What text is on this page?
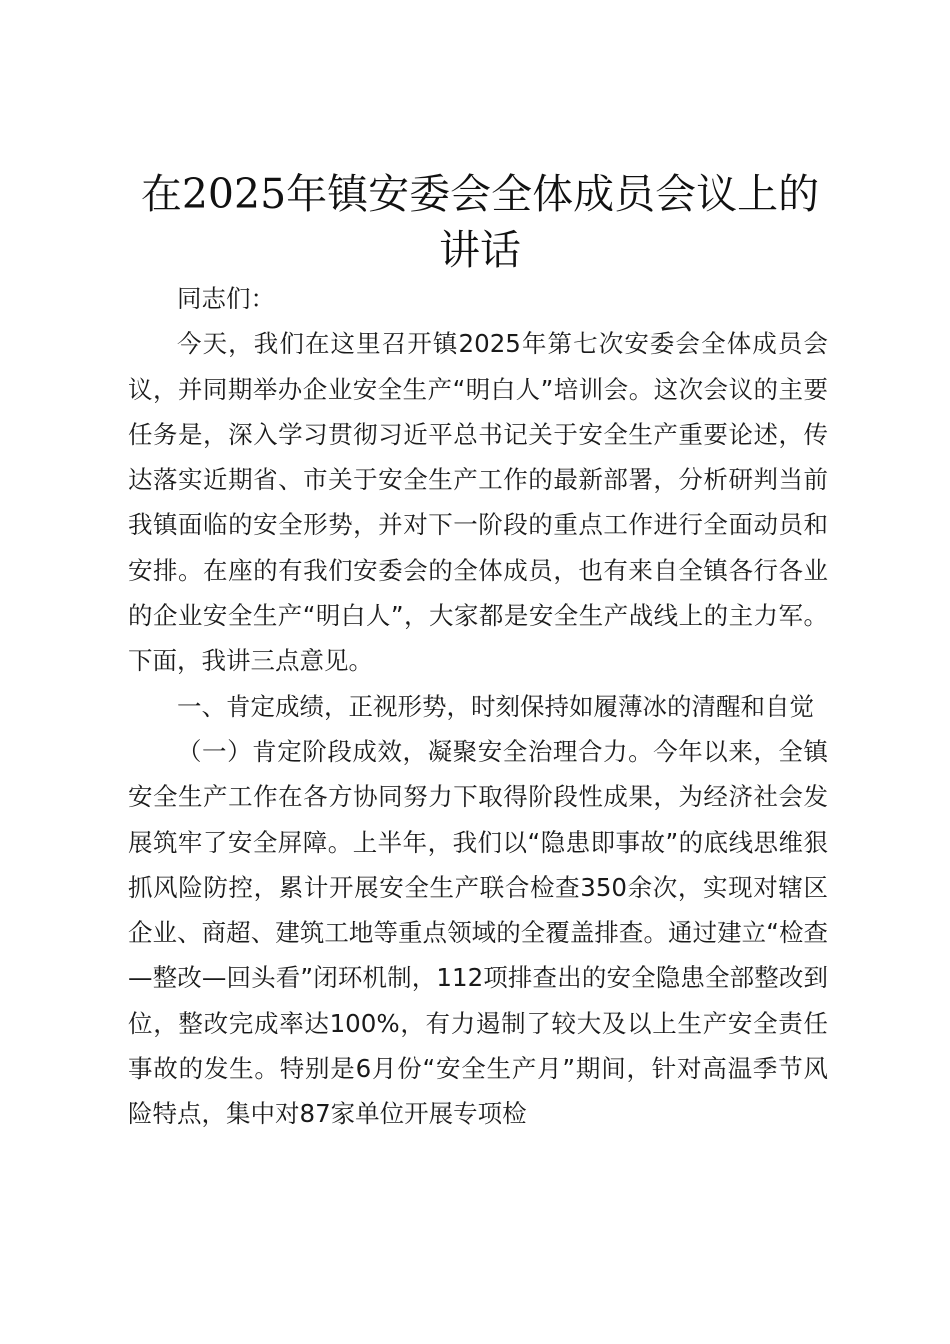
在2025年镇安委会全体成员会议上的讲话

同志们：

今天，我们在这里召开镇2025年第七次安委会全体成员会议，并同期举办企业安全生产“明白人”培训会。这次会议的主要任务是，深入学习贯彻习近平总书记关于安全生产重要论述，传达落实近期省、市关于安全生产工作的最新部署，分析研判当前我镇面临的安全形势，并对下一阶段的重点工作进行全面动员和安排。在座的有我们安委会的全体成员，也有来自全镇各行各业的企业安全生产“明白人”，大家都是安全生产战线上的主力军。下面，我讲三点意见。

一、肯定成绩，正视形势，时刻保持如履薄冰的清醒和自觉

（一）肯定阶段成效，凝聚安全治理合力。今年以来，全镇安全生产工作在各方协同努力下取得阶段性成果，为经济社会发展筑牢了安全屏障。上半年，我们以“隐患即事故”的底线思维狠抓风险防控，累计开展安全生产联合检查350余次，实现对辖区企业、商超、建筑工地等重点领域的全覆盖排查。通过建立“检查—整改—回头看”闭环机制，112项排查出的安全隐患全部整改到位，整改完成率达100%，有力遏制了较大及以上生产安全责任事故的发生。特别是6月份“安全生产月”期间，针对高温季节风险特点，集中对87家单位开展专项检
